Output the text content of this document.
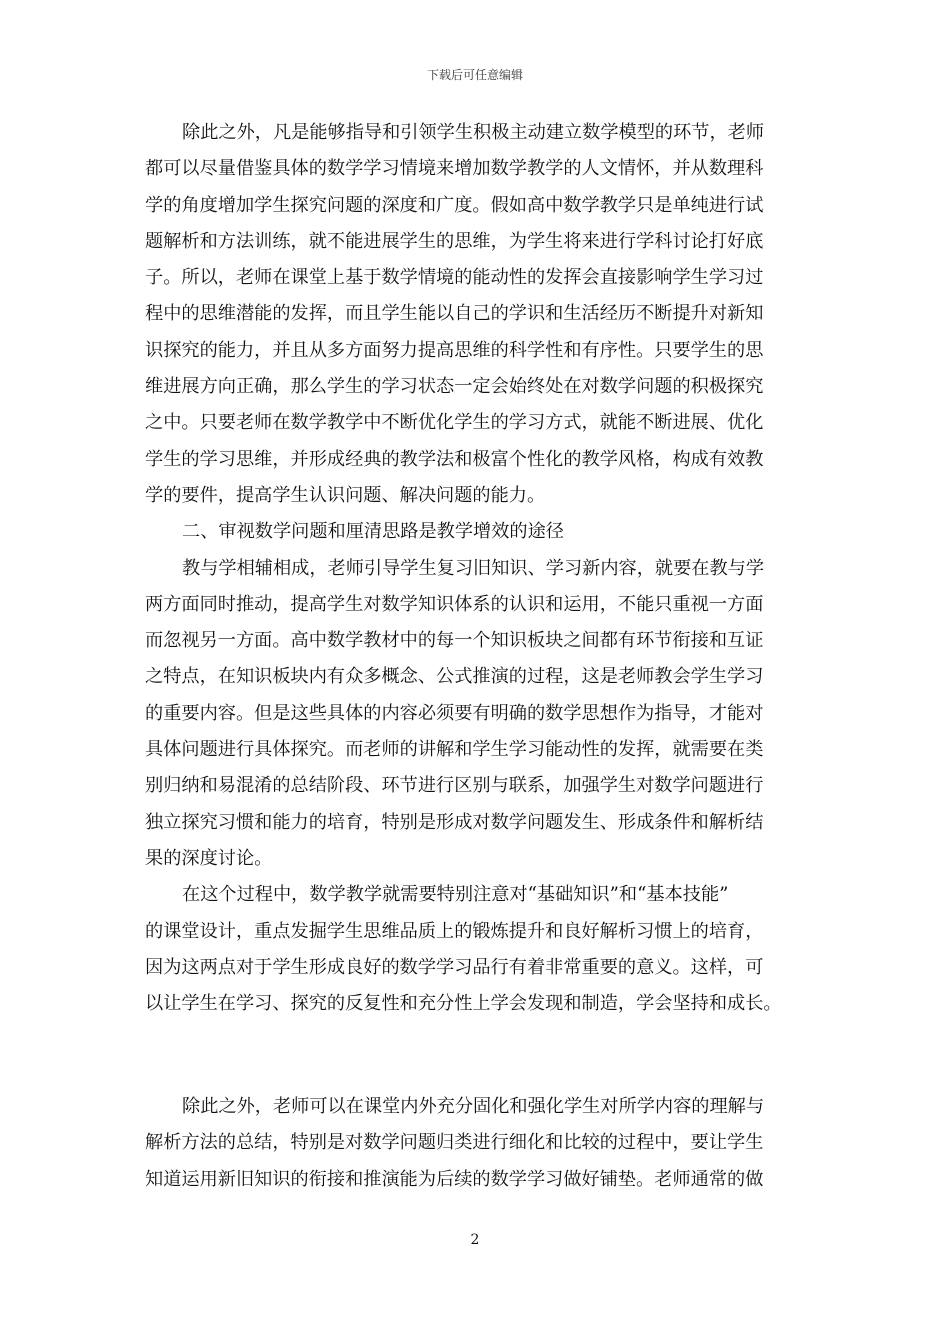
下载后可任意编辑
除此之外，凡是能够指导和引领学生积极主动建立数学模型的环节，老师
都可以尽量借鉴具体的数学学习情境来增加数学教学的人文情怀，并从数理科
学的角度增加学生探究问题的深度和广度。假如高中数学教学只是单纯进行试
题解析和方法训练，就不能进展学生的思维，为学生将来进行学科讨论打好底
子。所以，老师在课堂上基于数学情境的能动性的发挥会直接影响学生学习过
程中的思维潜能的发挥，而且学生能以自己的学识和生活经历不断提升对新知
识探究的能力，并且从多方面努力提高思维的科学性和有序性。只要学生的思
维进展方向正确，那么学生的学习状态一定会始终处在对数学问题的积极探究
之中。只要老师在数学教学中不断优化学生的学习方式，就能不断进展、优化
学生的学习思维，并形成经典的教学法和极富个性化的教学风格，构成有效教
学的要件，提高学生认识问题、解决问题的能力。
二、审视数学问题和厘清思路是教学增效的途径
教与学相辅相成，老师引导学生复习旧知识、学习新内容，就要在教与学
两方面同时推动，提高学生对数学知识体系的认识和运用，不能只重视一方面
而忽视另一方面。高中数学教材中的每一个知识板块之间都有环节衔接和互证
之特点，在知识板块内有众多概念、公式推演的过程，这是老师教会学生学习
的重要内容。但是这些具体的内容必须要有明确的数学思想作为指导，才能对
具体问题进行具体探究。而老师的讲解和学生学习能动性的发挥，就需要在类
别归纳和易混淆的总结阶段、环节进行区别与联系，加强学生对数学问题进行
独立探究习惯和能力的培育，特别是形成对数学问题发生、形成条件和解析结
果的深度讨论。
在这个过程中，数学教学就需要特别注意对“基础知识”和“基本技能”
的课堂设计，重点发掘学生思维品质上的锻炼提升和良好解析习惯上的培育，
因为这两点对于学生形成良好的数学学习品行有着非常重要的意义。这样，可
以让学生在学习、探究的反复性和充分性上学会发现和制造，学会坚持和成长。
除此之外，老师可以在课堂内外充分固化和强化学生对所学内容的理解与
解析方法的总结，特别是对数学问题归类进行细化和比较的过程中，要让学生
知道运用新旧知识的衔接和推演能为后续的数学学习做好铺垫。老师通常的做
2
